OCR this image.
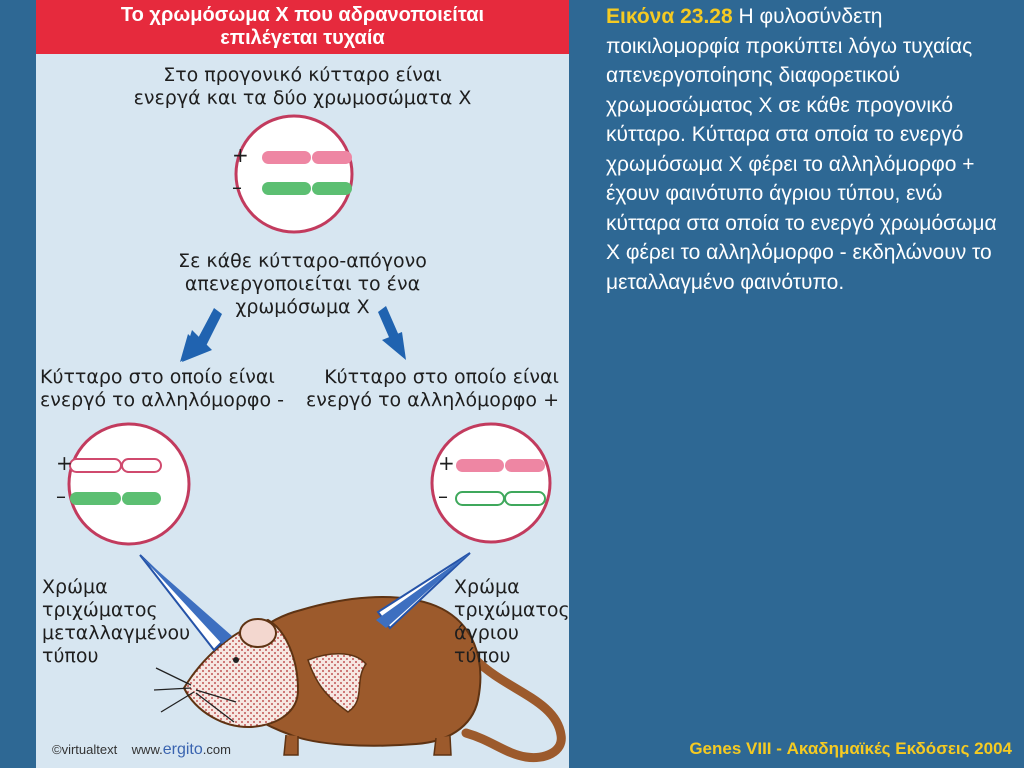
Το χρωμόσωμα Χ που αδρανοποιείται
επιλέγεται τυχαία
Στο προγονικό κύτταρο είναι
ενεργά και τα δύο χρωμοσώματα Χ
+
–
Σε κάθε κύτταρο-απόγονο
απενεργοποιείται το ένα
χρωμόσωμα Χ
Κύτταρο στο οποίο είναι
ενεργό το αλληλόμορφο -
Κύτταρο στο οποίο είναι
ενεργό το αλληλόμορφο +
+
–
+
–
Χρώμα
τριχώματος
μεταλλαγμένου
τύπου
Χρώμα
τριχώματος
άγριου
τύπου
©virtualtext www.ergito.com
Εικόνα 23.28 Η φυλοσύνδετη ποικιλομορφία προκύπτει λόγω τυχαίας απενεργοποίησης διαφορετικού χρωμοσώματος Χ σε κάθε προγονικό κύτταρο. Κύτταρα στα οποία το ενεργό χρωμόσωμα Χ φέρει το αλληλόμορφο + έχουν φαινότυπο άγριου τύπου, ενώ κύτταρα στα οποία το ενεργό χρωμόσωμα Χ φέρει το αλληλόμορφο - εκδηλώνουν το μεταλλαγμένο φαινότυπο.
Genes VIII - Ακαδημαϊκές Εκδόσεις 2004
